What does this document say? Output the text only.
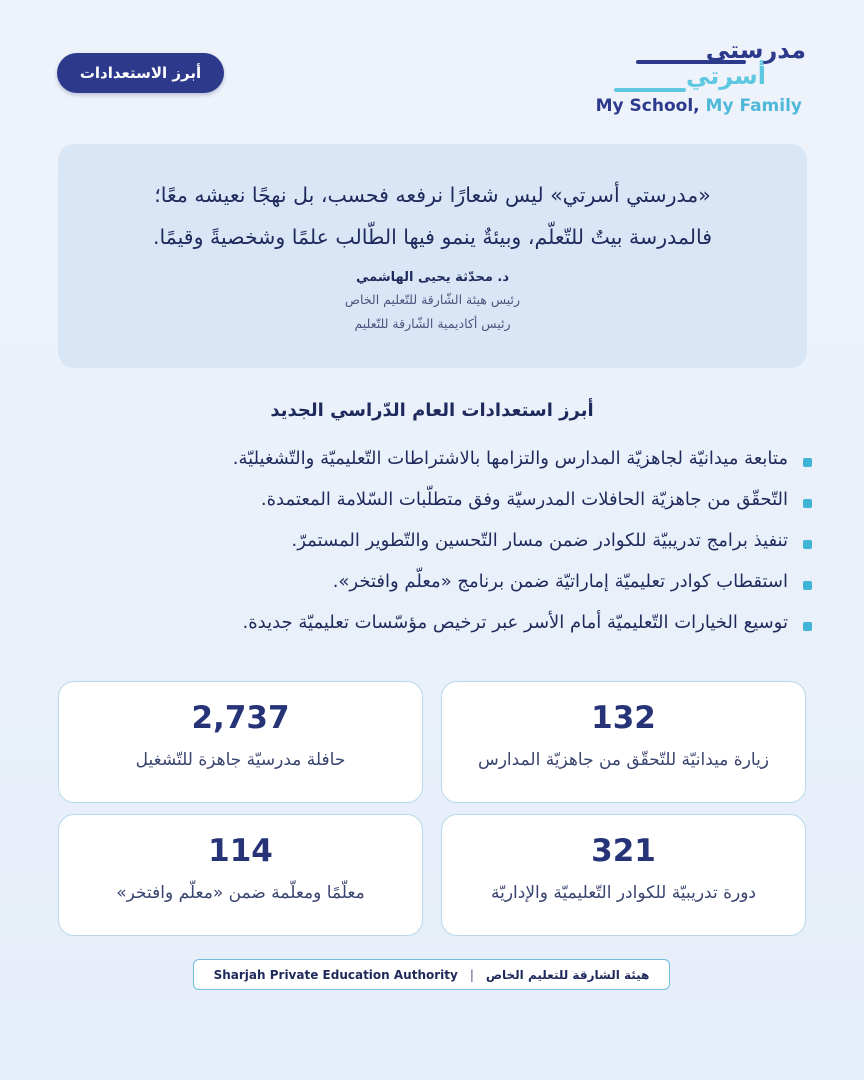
أبرز الاستعدادات
مدرستي
أسرتي
My School, My Family
«مدرستي أسرتي» ليس شعارًا نرفعه فحسب، بل نهجًا نعيشه معًا؛
فالمدرسة بيتٌ للتّعلّم، وبيئةٌ ينمو فيها الطّالب علمًا وشخصيةً وقيمًا.
د. محدّثة يحيى الهاشمي
رئيس هيئة الشّارقة للتّعليم الخاص
رئيس أكاديمية الشّارقة للتّعليم
أبرز استعدادات العام الدّراسي الجديد
متابعة ميدانيّة لجاهزيّة المدارس والتزامها بالاشتراطات التّعليميّة والتّشغيليّة.
التّحقّق من جاهزيّة الحافلات المدرسيّة وفق متطلّبات السّلامة المعتمدة.
تنفيذ برامج تدريبيّة للكوادر ضمن مسار التّحسين والتّطوير المستمرّ.
استقطاب كوادر تعليميّة إماراتيّة ضمن برنامج «معلّم وافتخر».
توسيع الخيارات التّعليميّة أمام الأسر عبر ترخيص مؤسّسات تعليميّة جديدة.
132
زيارة ميدانيّة للتّحقّق من جاهزيّة المدارس
2,737
حافلة مدرسيّة جاهزة للتّشغيل
321
دورة تدريبيّة للكوادر التّعليميّة والإداريّة
114
معلّمًا ومعلّمة ضمن «معلّم وافتخر»
Sharjah Private Education Authority | هيئة الشارقة للتعليم الخاص
